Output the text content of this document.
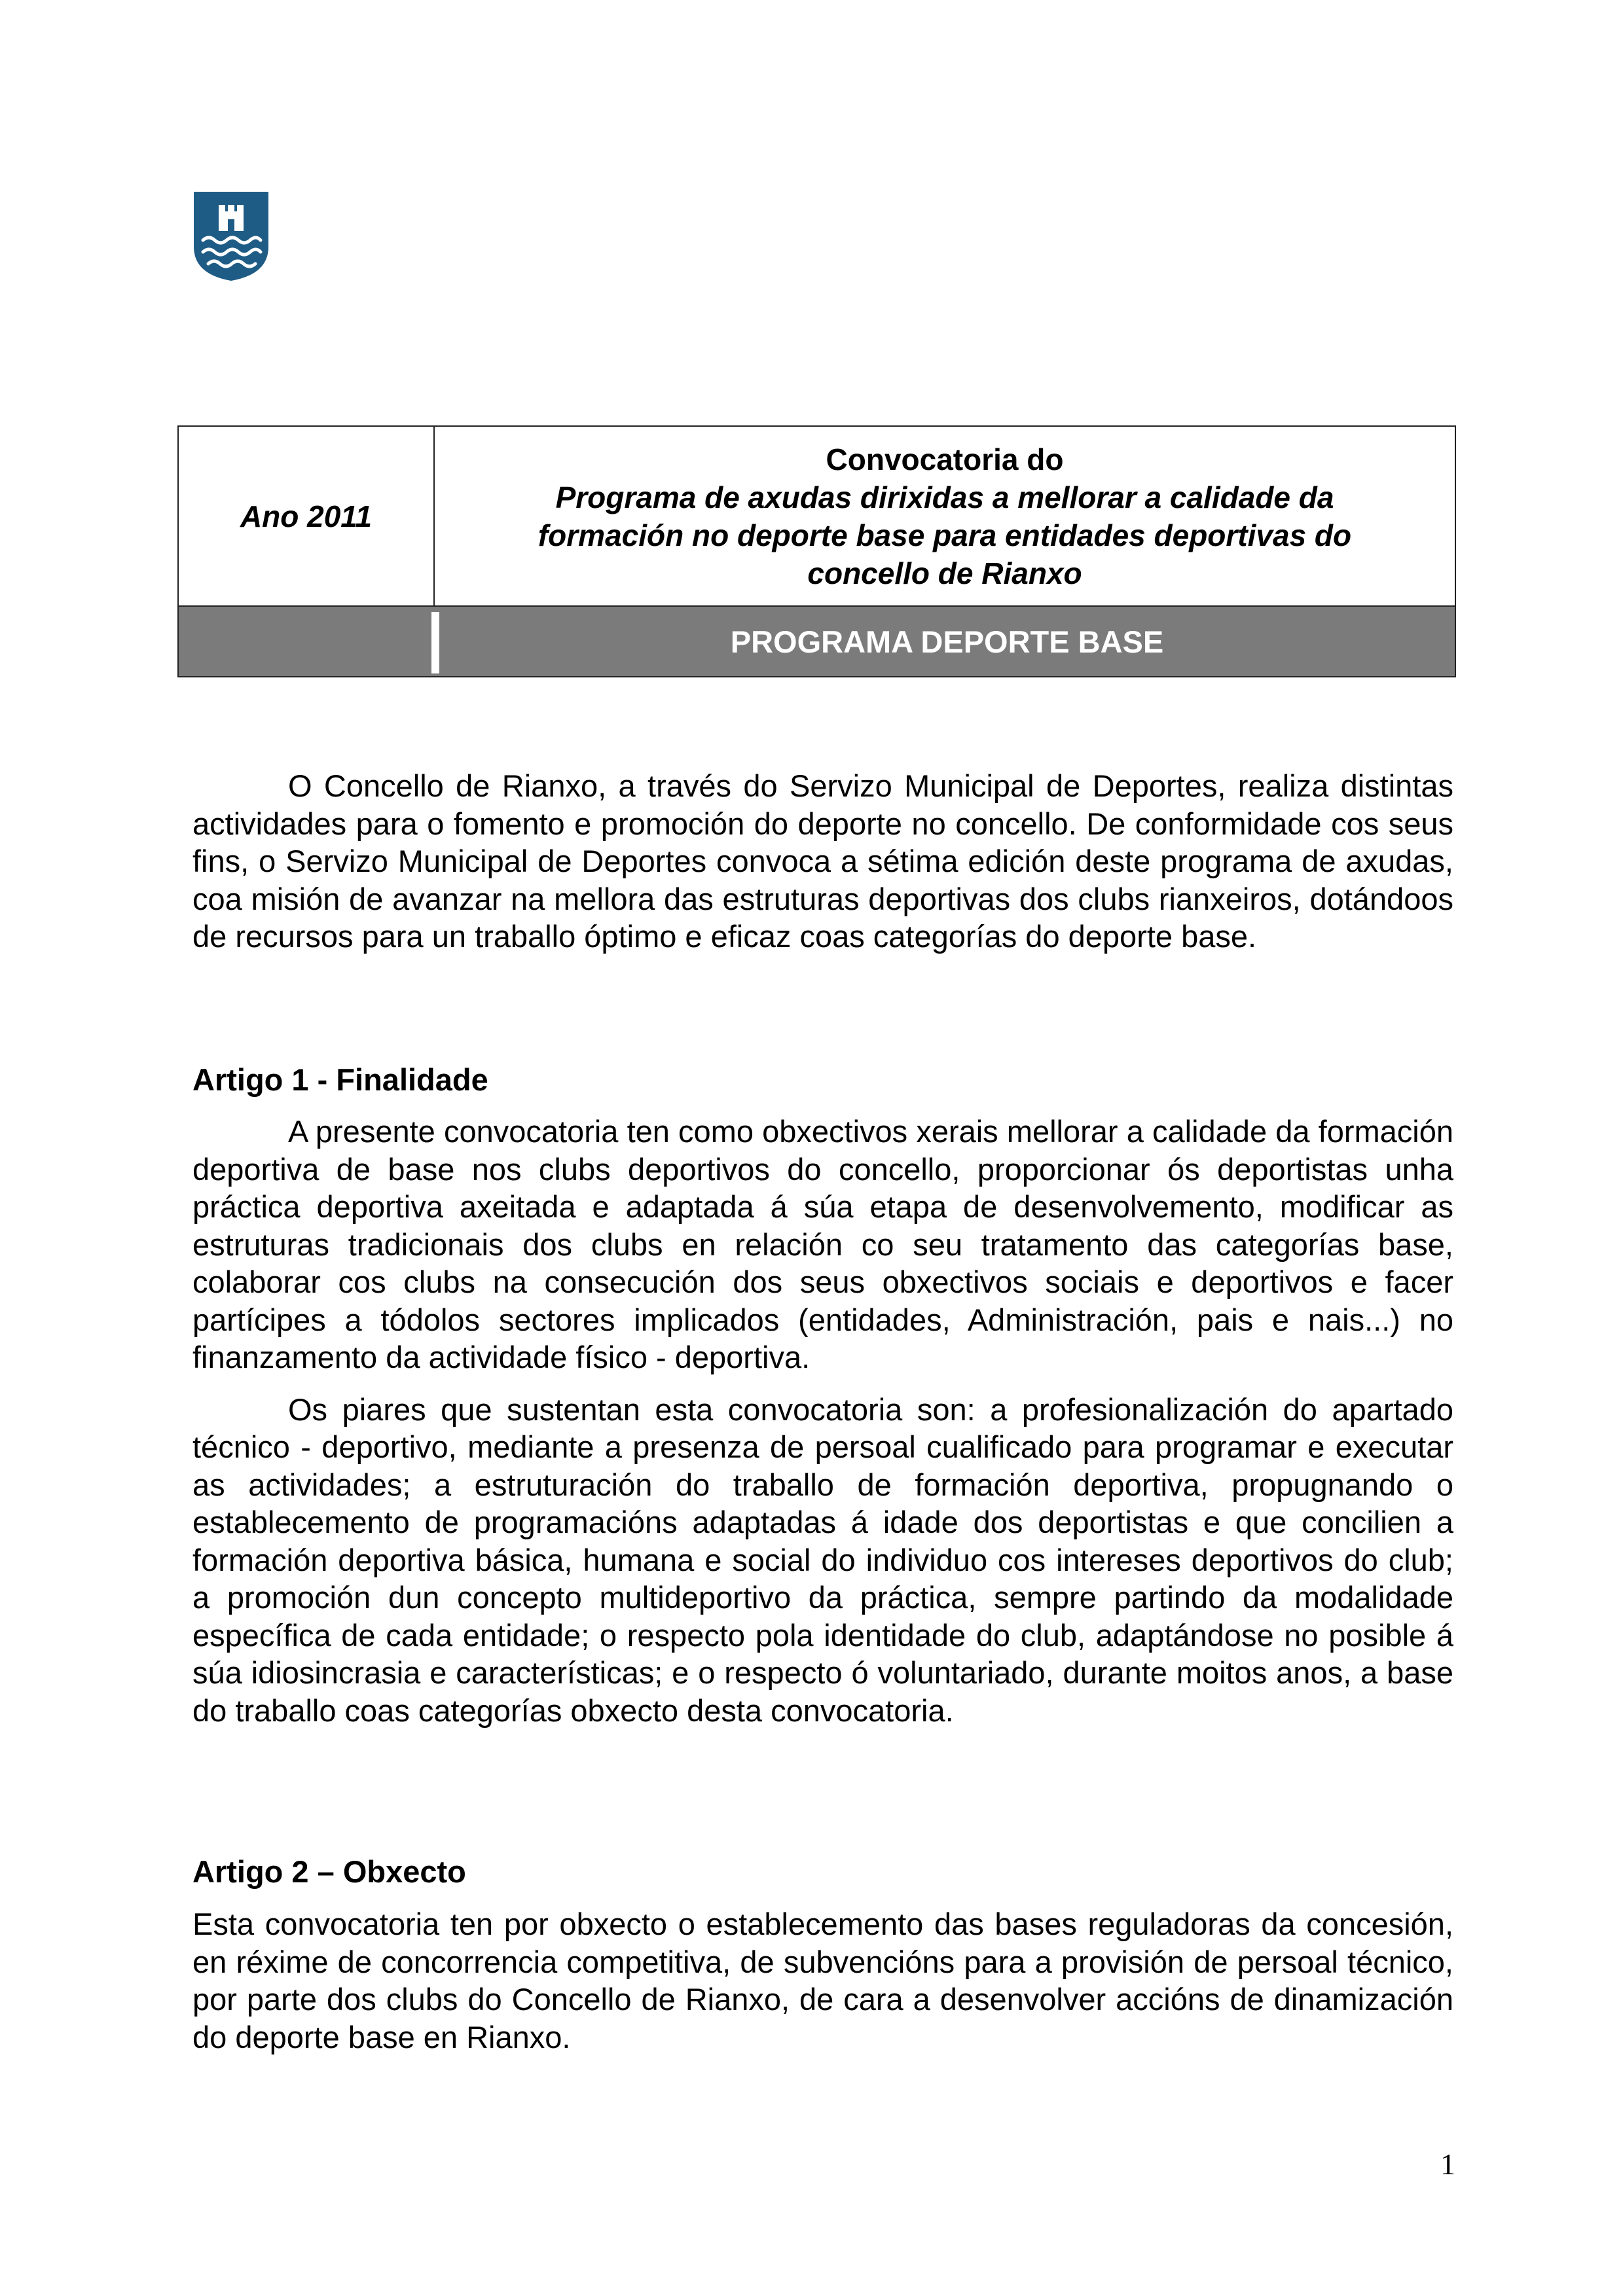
Ano 2011
Convocatoria do
Programa de axudas dirixidas a mellorar a calidade da
formación no deporte base para entidades deportivas do
concello de Rianxo
PROGRAMA DEPORTE BASE

O Concello de Rianxo, a través do Servizo Municipal de Deportes, realiza distintas actividades para o fomento e promoción do deporte no concello. De conformidade cos seus fins, o Servizo Municipal de Deportes convoca a sétima edición deste programa de axudas, coa misión de avanzar na mellora das estruturas deportivas dos clubs rianxeiros, dotándoos de recursos para un traballo óptimo e eficaz coas categorías do deporte base.

Artigo 1 - Finalidade

A presente convocatoria ten como obxectivos xerais mellorar a calidade da formación deportiva de base nos clubs deportivos do concello, proporcionar ós deportistas unha práctica deportiva axeitada e adaptada á súa etapa de desenvolvemento, modificar as estruturas tradicionais dos clubs en relación co seu tratamento das categorías base, colaborar cos clubs na consecución dos seus obxectivos sociais e deportivos e facer partícipes a tódolos sectores implicados (entidades, Administración, pais e nais...) no finanzamento da actividade físico - deportiva.

Os piares que sustentan esta convocatoria son: a profesionalización do apartado técnico - deportivo, mediante a presenza de persoal cualificado para programar e executar as actividades; a estruturación do traballo de formación deportiva, propugnando o establecemento de programacións adaptadas á idade dos deportistas e que concilien a formación deportiva básica, humana e social do individuo cos intereses deportivos do club; a promoción dun concepto multideportivo da práctica, sempre partindo da modalidade específica de cada entidade; o respecto pola identidade do club, adaptándose no posible á súa idiosincrasia e características; e o respecto ó voluntariado, durante moitos anos, a base do traballo coas categorías obxecto desta convocatoria.

Artigo 2 – Obxecto

Esta convocatoria ten por obxecto o establecemento das bases reguladoras da concesión, en réxime de concorrencia competitiva, de subvencións para a provisión de persoal técnico, por parte dos clubs do Concello de Rianxo, de cara a desenvolver accións de dinamización do deporte base en Rianxo.

1
